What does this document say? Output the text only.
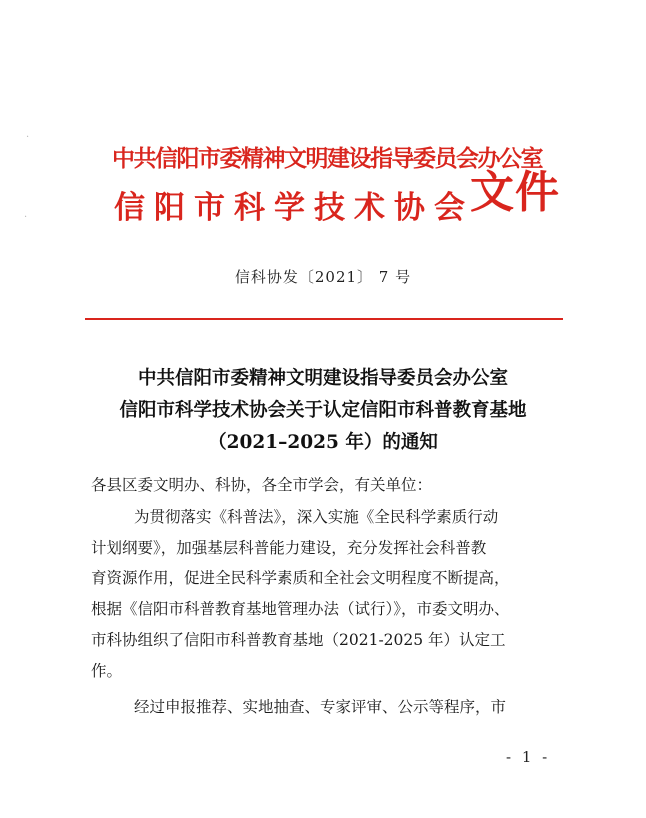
中共信阳市委精神文明建设指导委员会办公室
信阳市科学技术协会
文件
信科协发〔2021〕 7 号
中共信阳市委精神文明建设指导委员会办公室
信阳市科学技术协会关于认定信阳市科普教育基地
（2021–2025 年）的通知
各县区委文明办、科协，各全市学会，有关单位：
为贯彻落实《科普法》，深入实施《全民科学素质行动
计划纲要》，加强基层科普能力建设，充分发挥社会科普教
育资源作用，促进全民科学素质和全社会文明程度不断提高，
根据《信阳市科普教育基地管理办法（试行）》，市委文明办、
市科协组织了信阳市科普教育基地（2021-2025 年）认定工
作。
经过申报推荐、实地抽查、专家评审、公示等程序，市
- 1 -
·
·
